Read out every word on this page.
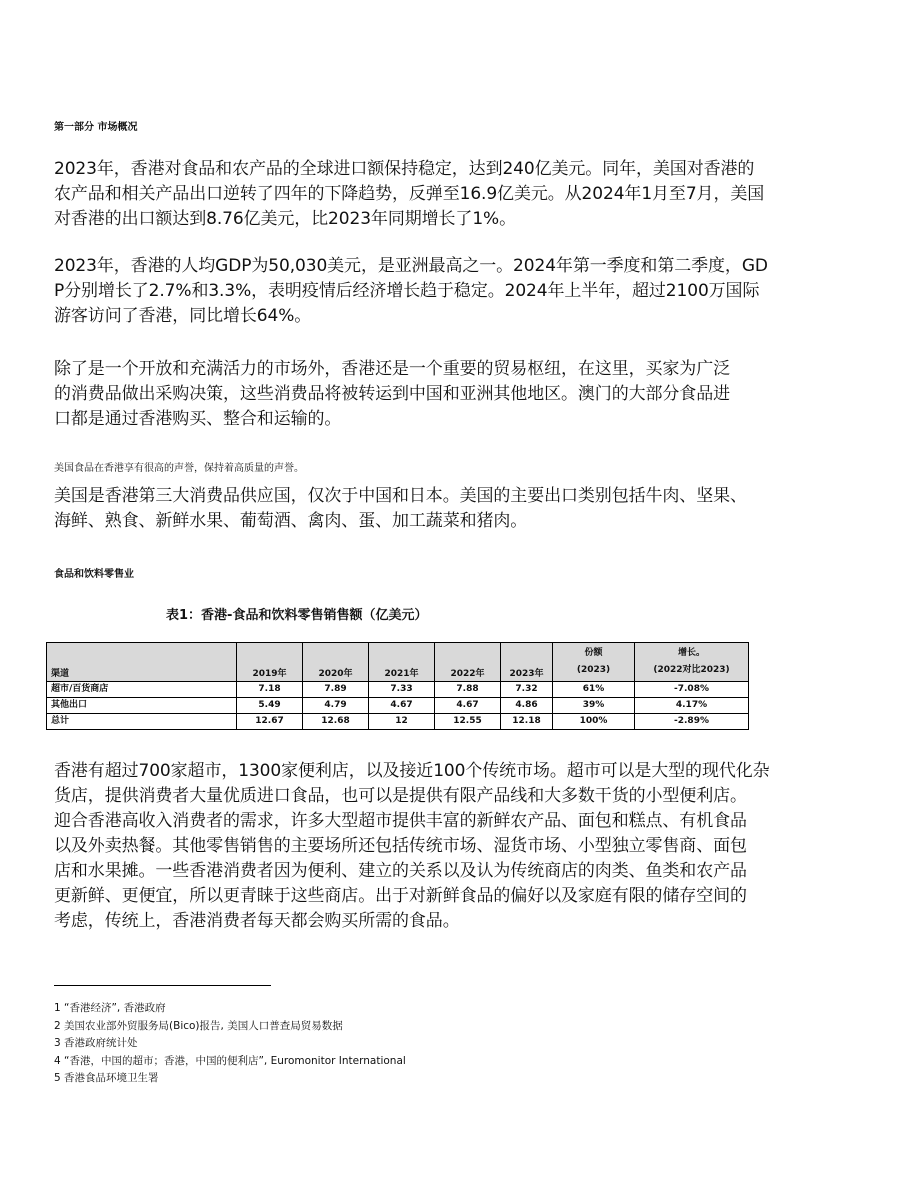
第一部分 市场概况
2023年，香港对食品和农产品的全球进口额保持稳定，达到240亿美元。同年，美国对香港的
农产品和相关产品出口逆转了四年的下降趋势，反弹至16.9亿美元。从2024年1月至7月，美国
对香港的出口额达到8.76亿美元，比2023年同期增长了1%。
2023年，香港的人均GDP为50,030美元，是亚洲最高之一。2024年第一季度和第二季度，GD
P分别增长了2.7%和3.3%，表明疫情后经济增长趋于稳定。2024年上半年，超过2100万国际
游客访问了香港，同比增长64%。
除了是一个开放和充满活力的市场外，香港还是一个重要的贸易枢纽，在这里，买家为广泛
的消费品做出采购决策，这些消费品将被转运到中国和亚洲其他地区。澳门的大部分食品进
口都是通过香港购买、整合和运输的。
美国食品在香港享有很高的声誉，保持着高质量的声誉。
美国是香港第三大消费品供应国，仅次于中国和日本。美国的主要出口类别包括牛肉、坚果、
海鲜、熟食、新鲜水果、葡萄酒、禽肉、蛋、加工蔬菜和猪肉。
食品和饮料零售业
表1：香港-食品和饮料零售销售额（亿美元）
渠道	2019年	2020年	2021年	2022年	2023年	份额
(2023)	增长。
(2022对比2023)

超市/百货商店	7.18	7.89	7.33	7.88	7.32	61%	-7.08%
其他出口	5.49	4.79	4.67	4.67	4.86	39%	4.17%
总计	12.67	12.68	12	12.55	12.18	100%	-2.89%
香港有超过700家超市，1300家便利店，以及接近100个传统市场。超市可以是大型的现代化杂
货店，提供消费者大量优质进口食品，也可以是提供有限产品线和大多数干货的小型便利店。
迎合香港高收入消费者的需求，许多大型超市提供丰富的新鲜农产品、面包和糕点、有机食品
以及外卖热餐。其他零售销售的主要场所还包括传统市场、湿货市场、小型独立零售商、面包
店和水果摊。一些香港消费者因为便利、建立的关系以及认为传统商店的肉类、鱼类和农产品
更新鲜、更便宜，所以更青睐于这些商店。出于对新鲜食品的偏好以及家庭有限的储存空间的
考虑，传统上，香港消费者每天都会购买所需的食品。
1 “香港经济”, 香港政府
2 美国农业部外贸服务局(Bico)报告, 美国人口普查局贸易数据
3 香港政府统计处
4 “香港，中国的超市；香港，中国的便利店”, Euromonitor International
5 香港食品环境卫生署
